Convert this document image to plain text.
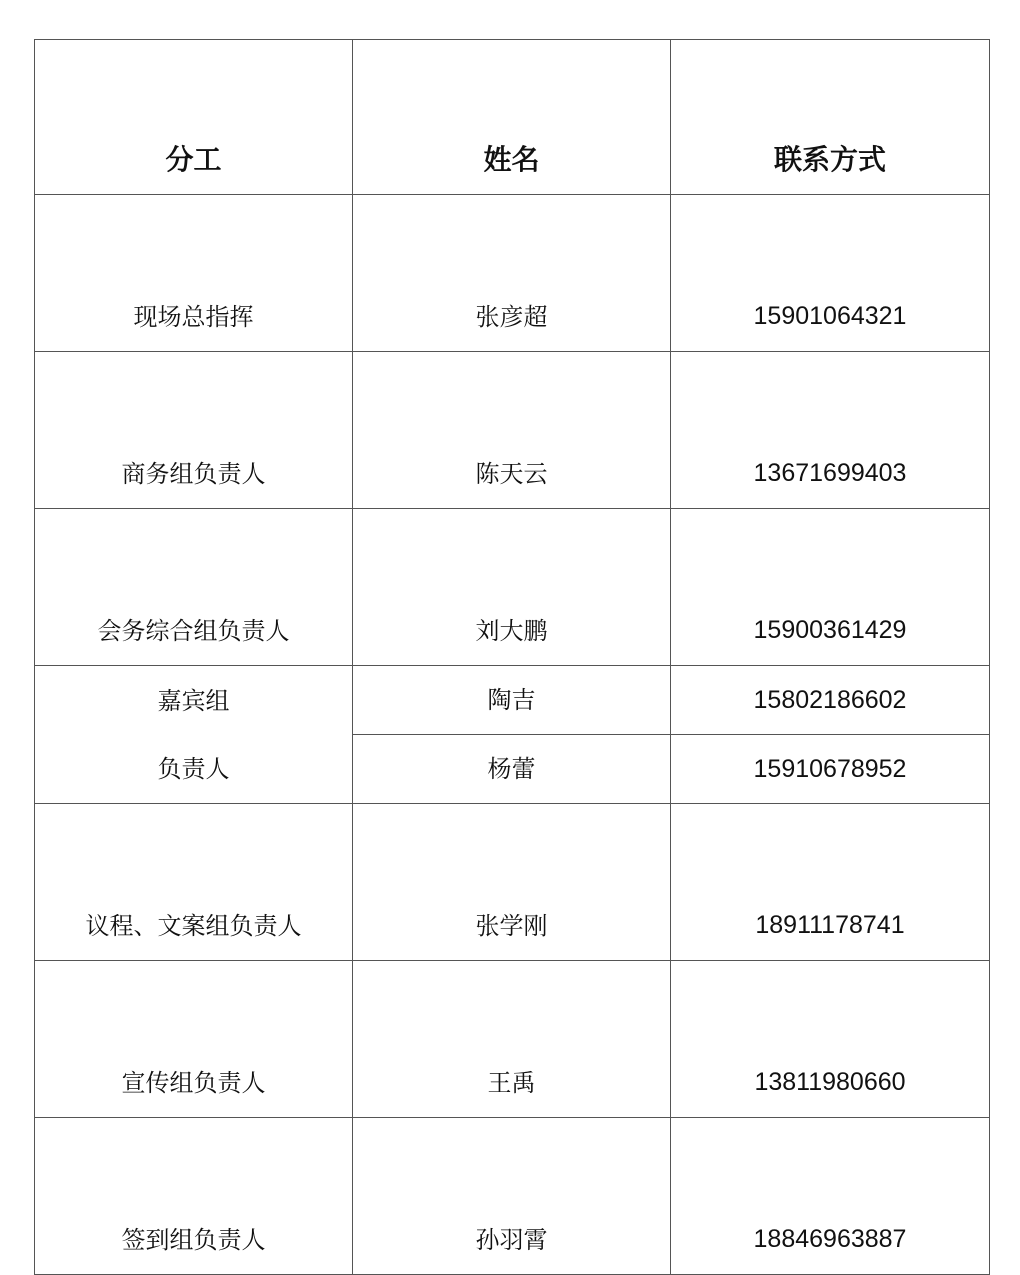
分工	姓名	联系方式
现场总指挥	张彦超	15901064321
商务组负责人	陈天云	13671699403
会务综合组负责人	刘大鹏	15900361429

嘉宾组
负责人	陶吉	15802186602
	杨蕾	15910678952
议程、文案组负责人	张学刚	18911178741
宣传组负责人	王禹	13811980660
签到组负责人	孙羽霄	18846963887
